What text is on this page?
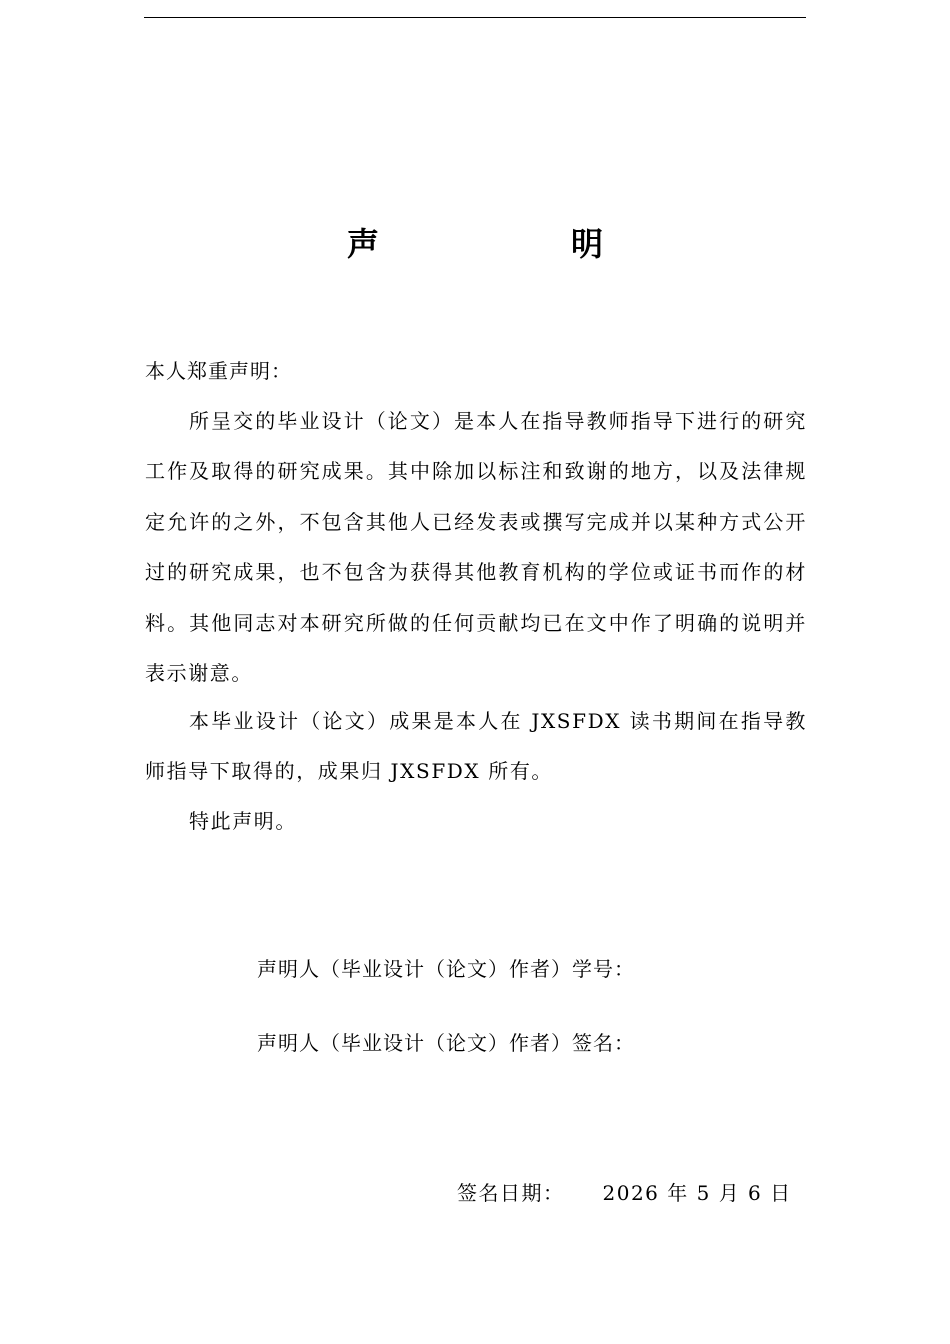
声　明
本人郑重声明：

所呈交的毕业设计（论文）是本人在指导教师指导下进行的研究工作及取得的研究成果。其中除加以标注和致谢的地方，以及法律规定允许的之外，不包含其他人已经发表或撰写完成并以某种方式公开过的研究成果，也不包含为获得其他教育机构的学位或证书而作的材料。其他同志对本研究所做的任何贡献均已在文中作了明确的说明并表示谢意。

本毕业设计（论文）成果是本人在 JXSFDX 读书期间在指导教师指导下取得的，成果归 JXSFDX 所有。

特此声明。

声明人（毕业设计（论文）作者）学号：
声明人（毕业设计（论文）作者）签名：
签名日期： 2026 年 5 月 6 日
